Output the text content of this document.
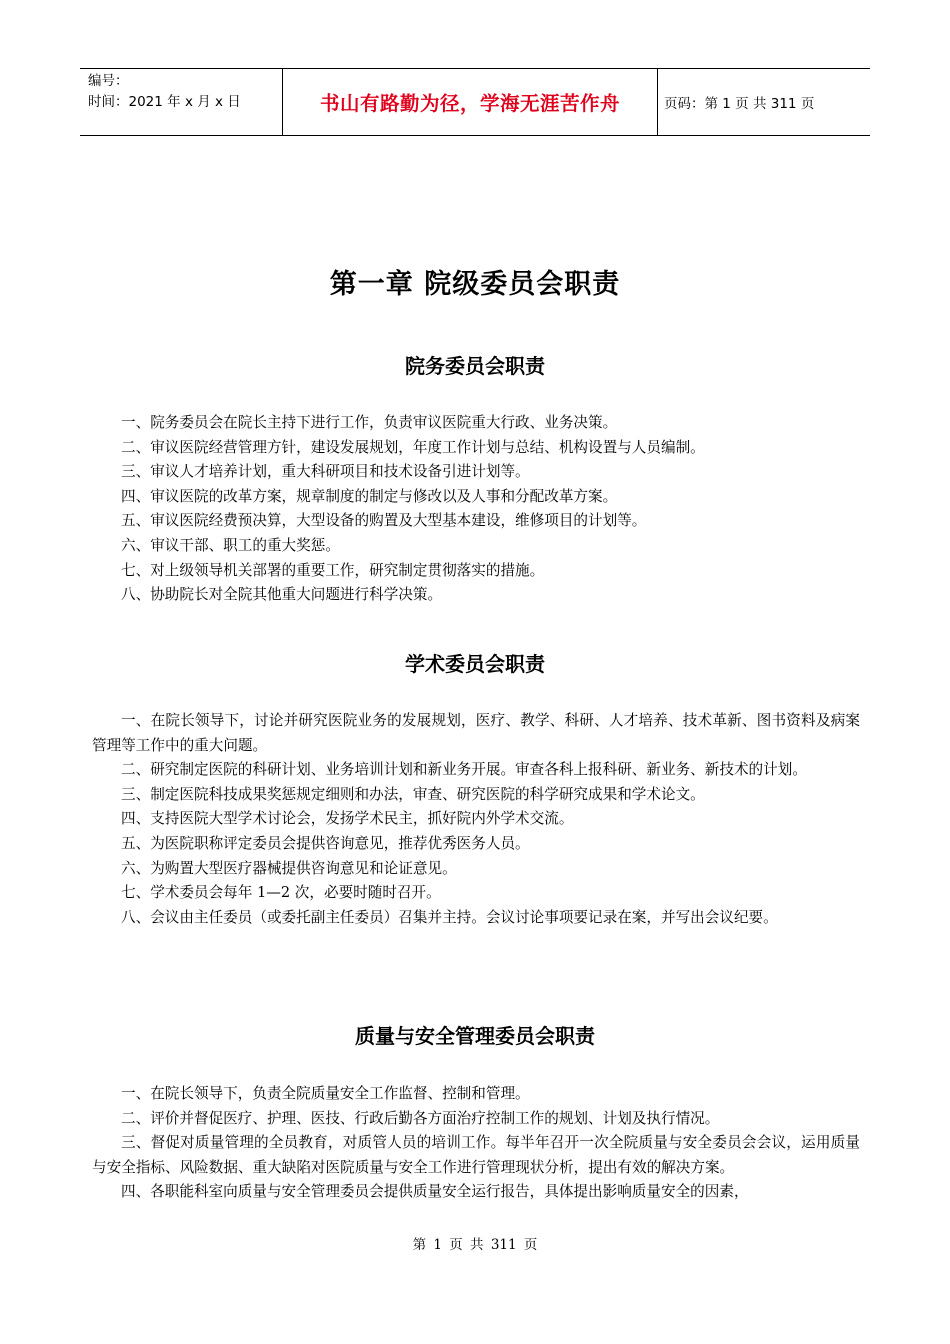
编号：
时间：2021 年 x 月 x 日	书山有路勤为径，学海无涯苦作舟	页码：第 1 页 共 311 页
第一章 院级委员会职责
院务委员会职责

一、院务委员会在院长主持下进行工作，负责审议医院重大行政、业务决策。

二、审议医院经营管理方针，建设发展规划，年度工作计划与总结、机构设置与人员编制。

三、审议人才培养计划，重大科研项目和技术设备引进计划等。

四、审议医院的改革方案，规章制度的制定与修改以及人事和分配改革方案。

五、审议医院经费预决算，大型设备的购置及大型基本建设，维修项目的计划等。

六、审议干部、职工的重大奖惩。

七、对上级领导机关部署的重要工作，研究制定贯彻落实的措施。

八、协助院长对全院其他重大问题进行科学决策。

学术委员会职责

一、在院长领导下，讨论并研究医院业务的发展规划，医疗、教学、科研、人才培养、技术革新、图书资料及病案管理等工作中的重大问题。

二、研究制定医院的科研计划、业务培训计划和新业务开展。审查各科上报科研、新业务、新技术的计划。

三、制定医院科技成果奖惩规定细则和办法，审查、研究医院的科学研究成果和学术论文。

四、支持医院大型学术讨论会，发扬学术民主，抓好院内外学术交流。

五、为医院职称评定委员会提供咨询意见，推荐优秀医务人员。

六、为购置大型医疗器械提供咨询意见和论证意见。

七、学术委员会每年 1—2 次，必要时随时召开。

八、会议由主任委员（或委托副主任委员）召集并主持。会议讨论事项要记录在案，并写出会议纪要。

质量与安全管理委员会职责

一、在院长领导下，负责全院质量安全工作监督、控制和管理。

二、评价并督促医疗、护理、医技、行政后勤各方面治疗控制工作的规划、计划及执行情况。

三、督促对质量管理的全员教育，对质管人员的培训工作。每半年召开一次全院质量与安全委员会会议，运用质量与安全指标、风险数据、重大缺陷对医院质量与安全工作进行管理现状分析，提出有效的解决方案。

四、各职能科室向质量与安全管理委员会提供质量安全运行报告，具体提出影响质量安全的因素，

第 1 页 共 311 页
